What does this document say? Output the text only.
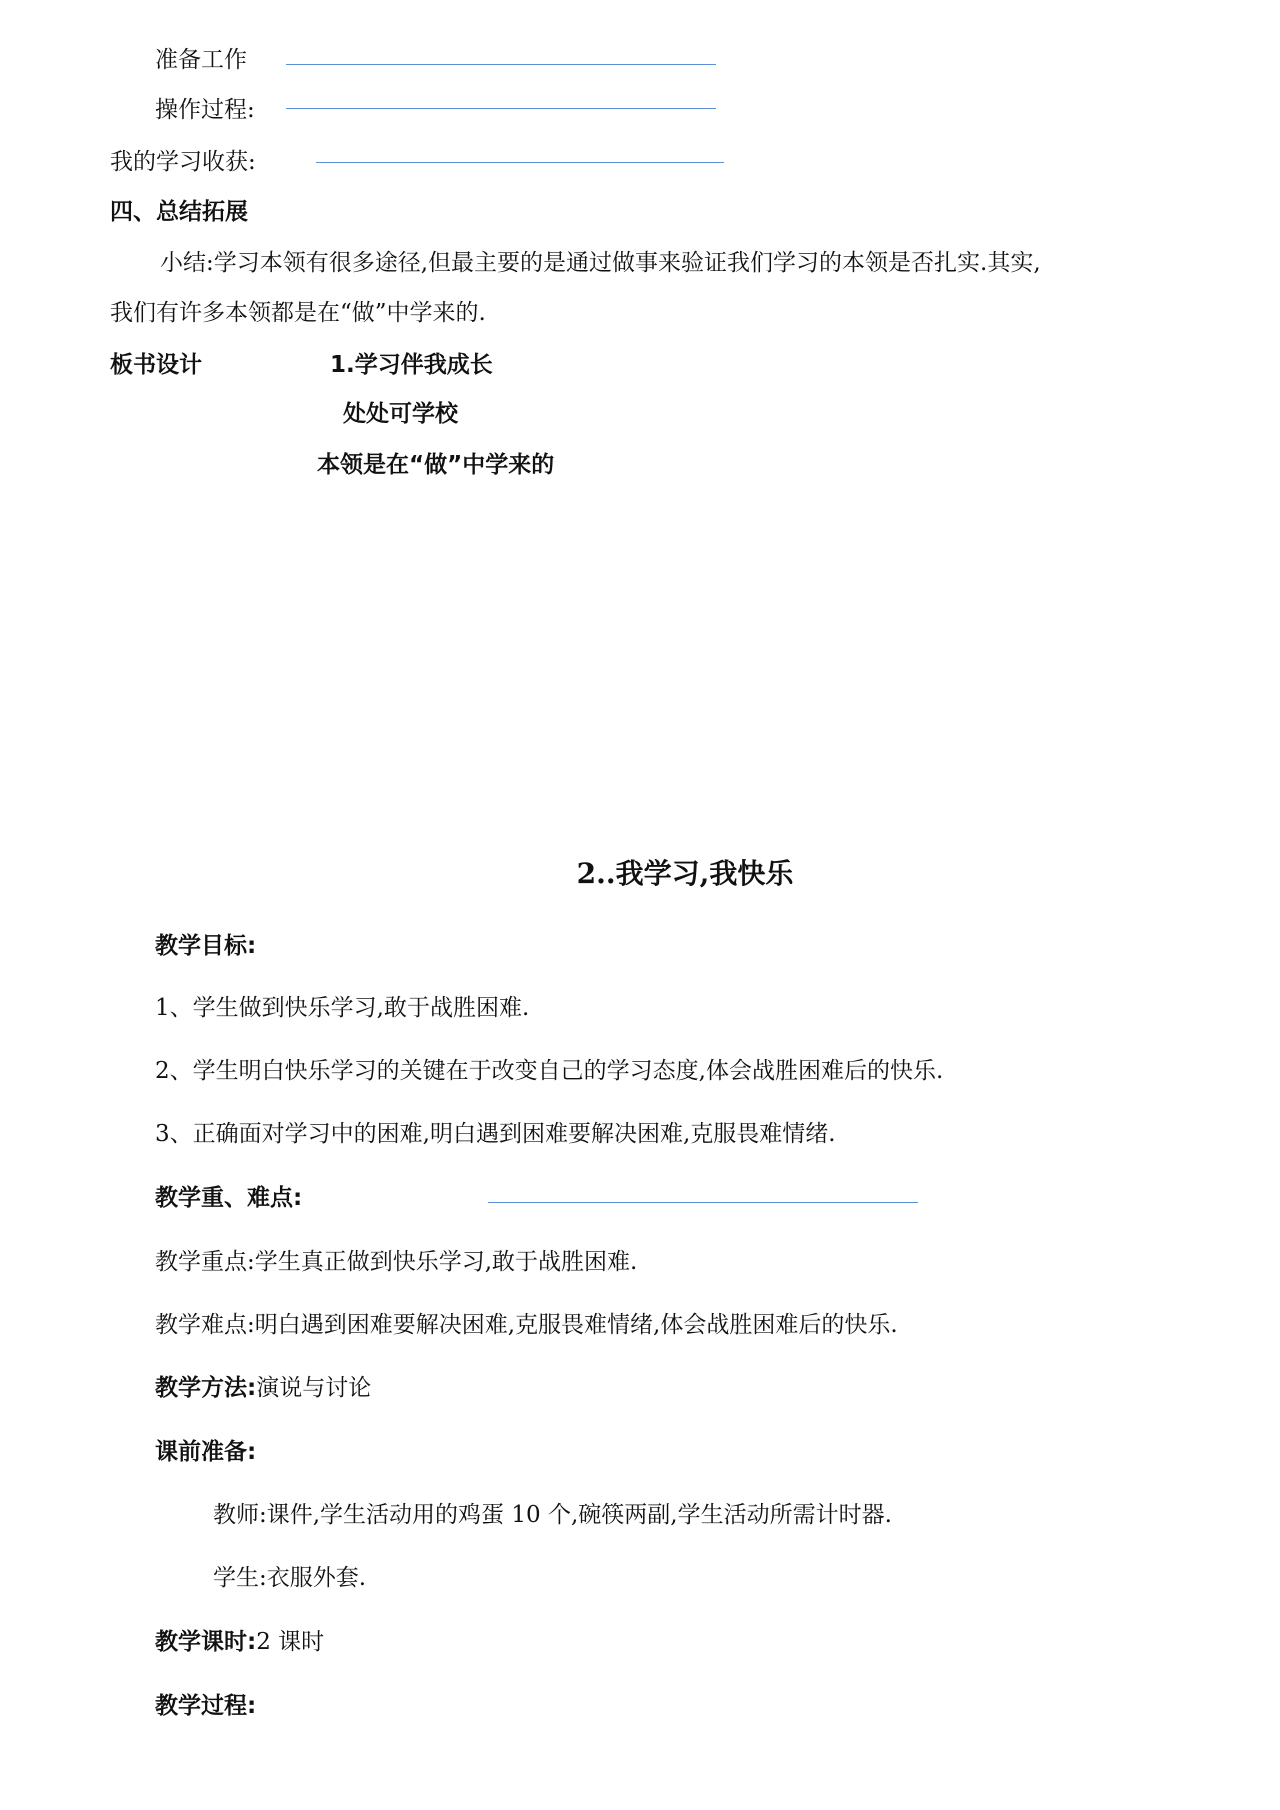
准备工作
操作过程:
我的学习收获:
四、总结拓展
小结:学习本领有很多途径,但最主要的是通过做事来验证我们学习的本领是否扎实.其实,
我们有许多本领都是在“做”中学来的.
板书设计	1.学习伴我成长
处处可学校
本领是在“做”中学来的
2..我学习,我快乐
教学目标:
1、学生做到快乐学习,敢于战胜困难.
2、学生明白快乐学习的关键在于改变自己的学习态度,体会战胜困难后的快乐.
3、正确面对学习中的困难,明白遇到困难要解决困难,克服畏难情绪.
教学重、难点:
教学重点:学生真正做到快乐学习,敢于战胜困难.
教学难点:明白遇到困难要解决困难,克服畏难情绪,体会战胜困难后的快乐.
教学方法:演说与讨论
课前准备:
教师:课件,学生活动用的鸡蛋 10 个,碗筷两副,学生活动所需计时器.
学生:衣服外套.
教学课时:2 课时
教学过程:
